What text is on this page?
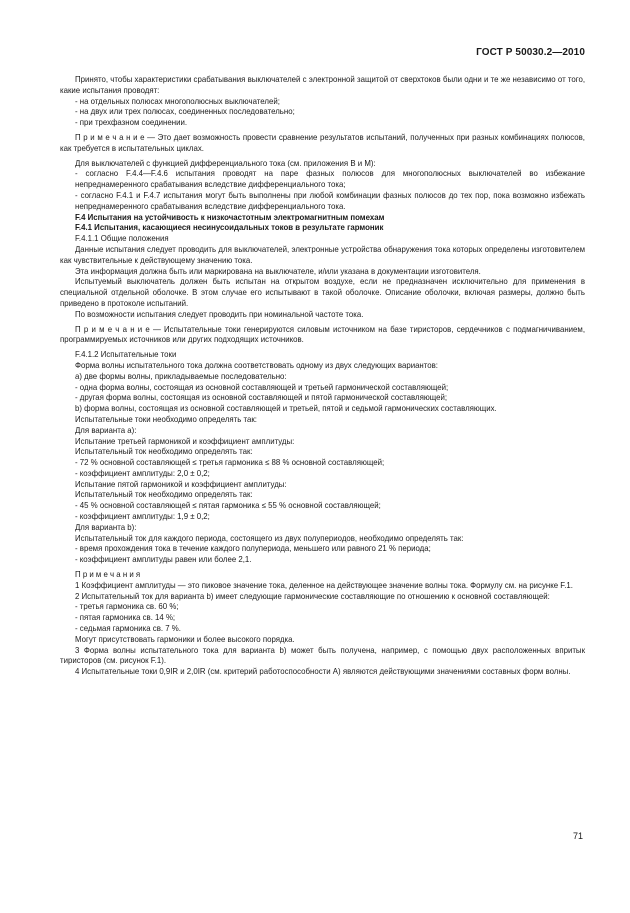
ГОСТ Р 50030.2—2010

Принято, чтобы характеристики срабатывания выключателей с электронной защитой от сверхтоков были одни и те же независимо от того, какие испытания проводят:

- на отдельных полюсах многополюсных выключателей;

- на двух или трех полюсах, соединенных последовательно;

- при трехфазном соединении.

П р и м е ч а н и е — Это дает возможность провести сравнение результатов испытаний, полученных при разных комбинациях полюсов, как требуется в испытательных циклах.

Для выключателей с функцией дифференциального тока (см. приложения В и М):

- согласно F.4.4—F.4.6 испытания проводят на паре фазных полюсов для многополюсных выключателей во избежание непреднамеренного срабатывания вследствие дифференциального тока;

- согласно F.4.1 и F.4.7 испытания могут быть выполнены при любой комбинации фазных полюсов до тех пор, пока возможно избежать непреднамеренного срабатывания вследствие дифференциального тока.

F.4 Испытания на устойчивость к низкочастотным электромагнитным помехам

F.4.1 Испытания, касающиеся несинусоидальных токов в результате гармоник

F.4.1.1 Общие положения

Данные испытания следует проводить для выключателей, электронные устройства обнаружения тока которых определены изготовителем как чувствительные к действующему значению тока.

Эта информация должна быть или маркирована на выключателе, и/или указана в документации изготовителя.

Испытуемый выключатель должен быть испытан на открытом воздухе, если не предназначен исключительно для применения в специальной отдельной оболочке. В этом случае его испытывают в такой оболочке. Описание оболочки, включая размеры, должно быть приведено в протоколе испытаний.

По возможности испытания следует проводить при номинальной частоте тока.

П р и м е ч а н и е — Испытательные токи генерируются силовым источником на базе тиристоров, сердечников с подмагничиванием, программируемых источников или других подходящих источников.

F.4.1.2 Испытательные токи

Форма волны испытательного тока должна соответствовать одному из двух следующих вариантов:

a) две формы волны, прикладываемые последовательно:

- одна форма волны, состоящая из основной составляющей и третьей гармонической составляющей;

- другая форма волны, состоящая из основной составляющей и пятой гармонической составляющей;

b) форма волны, состоящая из основной составляющей и третьей, пятой и седьмой гармонических составляющих.

Испытательные токи необходимо определять так:

Для варианта а):

Испытание третьей гармоникой и коэффициент амплитуды:

Испытательный ток необходимо определять так:

- 72 % основной составляющей ≤ третья гармоника ≤ 88 % основной составляющей;

- коэффициент амплитуды: 2,0 ± 0,2;

Испытание пятой гармоникой и коэффициент амплитуды:

Испытательный ток необходимо определять так:

- 45 % основной составляющей ≤ пятая гармоника ≤ 55 % основной составляющей;

- коэффициент амплитуды: 1,9 ± 0,2;

Для варианта b):

Испытательный ток для каждого периода, состоящего из двух полупериодов, необходимо определять так:

- время прохождения тока в течение каждого полупериода, меньшего или равного 21 % периода;

- коэффициент амплитуды равен или более 2,1.

П р и м е ч а н и я

1 Коэффициент амплитуды — это пиковое значение тока, деленное на действующее значение волны тока. Формулу см. на рисунке F.1.

2 Испытательный ток для варианта b) имеет следующие гармонические составляющие по отношению к основной составляющей:

- третья гармоника св. 60 %;

- пятая гармоника св. 14 %;

- седьмая гармоника св. 7 %.

Могут присутствовать гармоники и более высокого порядка.

3 Форма волны испытательного тока для варианта b) может быть получена, например, с помощью двух расположенных впритык тиристоров (см. рисунок F.1).

4 Испытательные токи 0,9IR и 2,0IR (см. критерий работоспособности А) являются действующими значениями составных форм волны.

71
